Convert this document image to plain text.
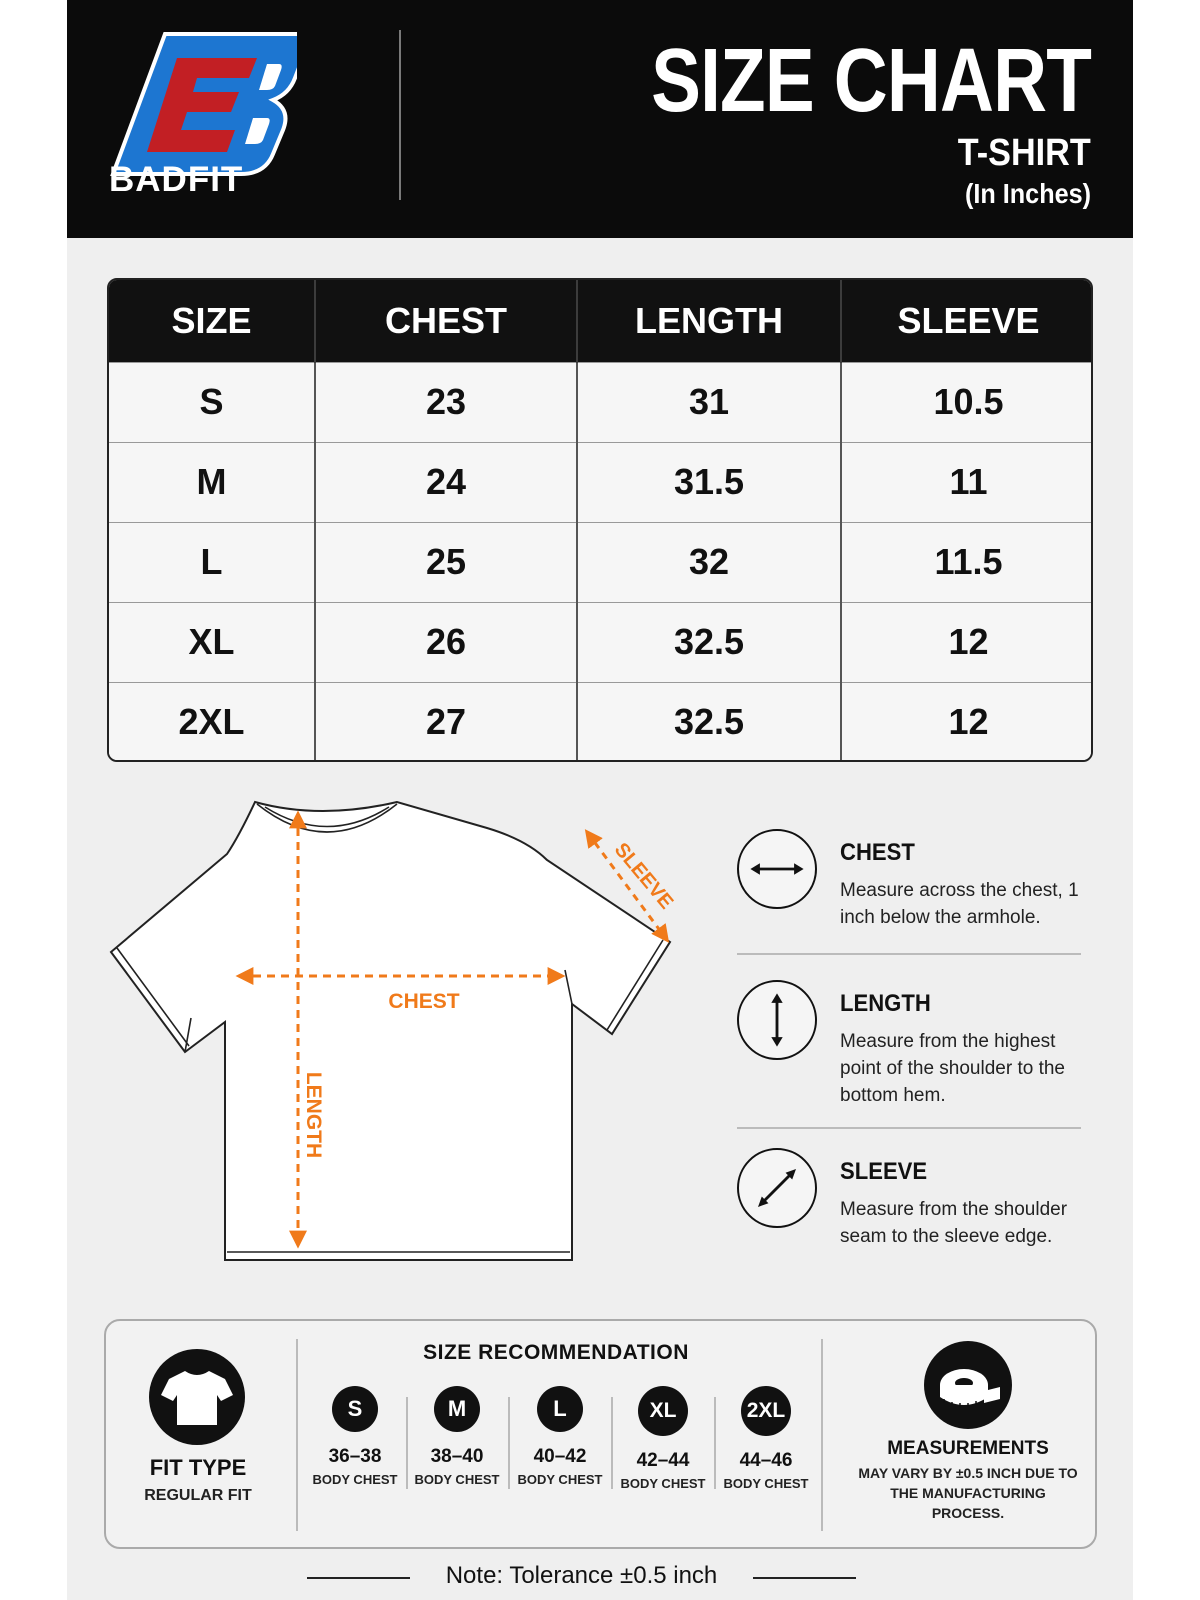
BADFIT
SIZE CHART
T-SHIRT
(In Inches)
SIZE	CHEST	LENGTH	SLEEVE
S	23	31	10.5
M	24	31.5	11
L	25	32	11.5
XL	26	32.5	12
2XL	27	32.5	12
CHEST
LENGTH
SLEEVE	CHEST
Measure across the chest, 1 inch below the armhole.
LENGTH
Measure from the highest point of the shoulder to the bottom hem.
SLEEVE
Measure from the shoulder seam to the sleeve edge.
FIT TYPE
REGULAR FIT
SIZE RECOMMENDATION
S
36–38
BODY CHEST
M
38–40
BODY CHEST
L
40–42
BODY CHEST
XL
42–44
BODY CHEST
2XL
44–46
BODY CHEST
MEASUREMENTS
MAY VARY BY ±0.5 INCH DUE TO THE MANUFACTURING PROCESS.
Note: Tolerance ±0.5 inch
